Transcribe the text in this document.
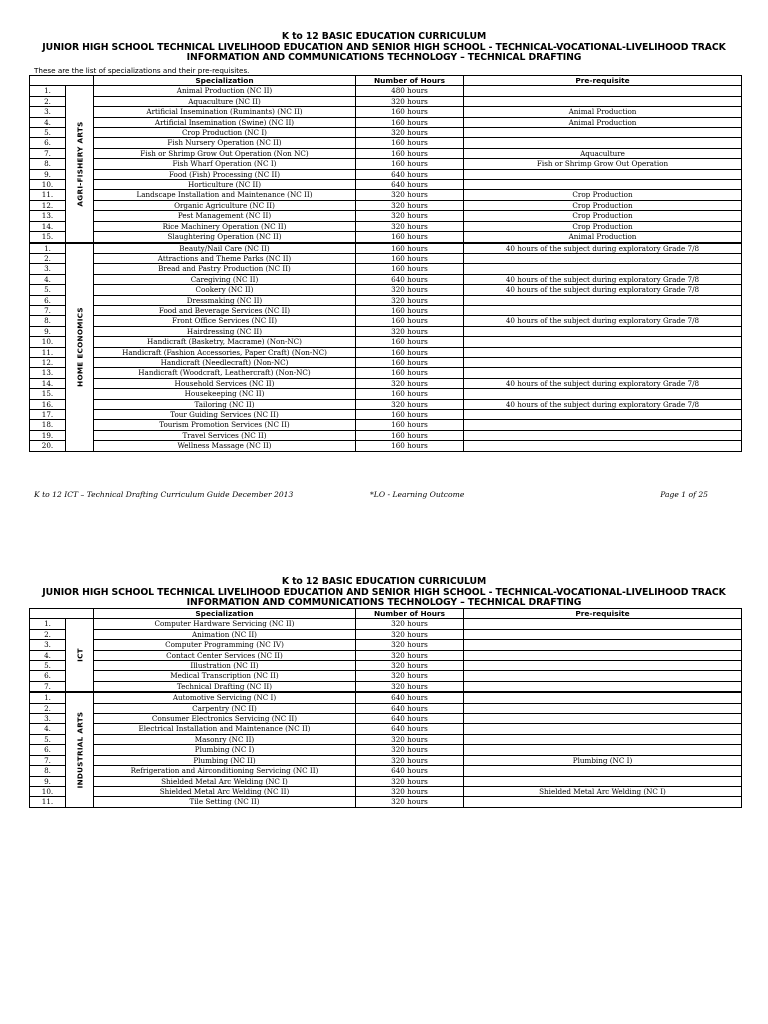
K to 12 BASIC EDUCATION CURRICULUM
JUNIOR HIGH SCHOOL TECHNICAL LIVELIHOOD EDUCATION AND SENIOR HIGH SCHOOL - TECHNICAL-VOCATIONAL-LIVELIHOOD TRACK
INFORMATION AND COMMUNICATIONS TECHNOLOGY – TECHNICAL DRAFTING
These are the list of specializations and their pre-requisites.
		Specialization	Number of Hours	Pre-requisite
1.	AGRI-FISHERY ARTS	Animal Production (NC II)	480 hours	
2.		Aquaculture (NC II)	320 hours	
3.		Artificial Insemination (Ruminants) (NC II)	160 hours	Animal Production
4.		Artificial Insemination (Swine) (NC II)	160 hours	Animal Production
5.		Crop Production (NC I)	320 hours	
6.		Fish Nursery Operation (NC II)	160 hours	
7.		Fish or Shrimp Grow Out Operation (Non NC)	160 hours	Aquaculture
8.		Fish Wharf Operation (NC I)	160 hours	Fish or Shrimp Grow Out Operation
9.		Food (Fish) Processing (NC II)	640 hours	
10.		Horticulture (NC II)	640 hours	
11.		Landscape Installation and Maintenance (NC II)	320 hours	Crop Production
12.		Organic Agriculture (NC II)	320 hours	Crop Production
13.		Pest Management (NC II)	320 hours	Crop Production
14.		Rice Machinery Operation (NC II)	320 hours	Crop Production
15.		Slaughtering Operation (NC II)	160 hours	Animal Production
1.	HOME ECONOMICS	Beauty/Nail Care (NC II)	160 hours	40 hours of the subject during exploratory Grade 7/8
2.		Attractions and Theme Parks (NC II)	160 hours	
3.		Bread and Pastry Production (NC II)	160 hours	
4.		Caregiving (NC II)	640 hours	40 hours of the subject during exploratory Grade 7/8
5.		Cookery (NC II)	320 hours	40 hours of the subject during exploratory Grade 7/8
6.		Dressmaking (NC II)	320 hours	
7.		Food and Beverage Services (NC II)	160 hours	
8.		Front Office Services (NC II)	160 hours	40 hours of the subject during exploratory Grade 7/8
9.		Hairdressing (NC II)	320 hours	
10.		Handicraft (Basketry, Macrame) (Non-NC)	160 hours	
11.		Handicraft (Fashion Accessories, Paper Craft) (Non-NC)	160 hours	
12.		Handicraft (Needlecraft) (Non-NC)	160 hours	
13.		Handicraft (Woodcraft, Leathercraft) (Non-NC)	160 hours	
14.		Household Services (NC II)	320 hours	40 hours of the subject during exploratory Grade 7/8
15.		Housekeeping (NC II)	160 hours	
16.		Tailoring (NC II)	320 hours	40 hours of the subject during exploratory Grade 7/8
17.		Tour Guiding Services (NC II)	160 hours	
18.		Tourism Promotion Services (NC II)	160 hours	
19.		Travel Services (NC II)	160 hours	
20.		Wellness Massage (NC II)	160 hours	
K to 12 ICT – Technical Drafting Curriculum Guide December 2013	*LO - Learning Outcome	Page 1 of 25
K to 12 BASIC EDUCATION CURRICULUM
JUNIOR HIGH SCHOOL TECHNICAL LIVELIHOOD EDUCATION AND SENIOR HIGH SCHOOL - TECHNICAL-VOCATIONAL-LIVELIHOOD TRACK
INFORMATION AND COMMUNICATIONS TECHNOLOGY – TECHNICAL DRAFTING
		Specialization	Number of Hours	Pre-requisite
1.	ICT	Computer Hardware Servicing (NC II)	320 hours	
2.		Animation (NC II)	320 hours	
3.		Computer Programming (NC IV)	320 hours	
4.		Contact Center Services (NC II)	320 hours	
5.		Illustration (NC II)	320 hours	
6.		Medical Transcription (NC II)	320 hours	
7.		Technical Drafting (NC II)	320 hours	
1.	INDUSTRIAL ARTS	Automotive Servicing (NC I)	640 hours	
2.		Carpentry (NC II)	640 hours	
3.		Consumer Electronics Servicing (NC II)	640 hours	
4.		Electrical Installation and Maintenance (NC II)	640 hours	
5.		Masonry (NC II)	320 hours	
6.		Plumbing (NC I)	320 hours	
7.		Plumbing (NC II)	320 hours	Plumbing (NC I)
8.		Refrigeration and Airconditioning Servicing (NC II)	640 hours	
9.		Shielded Metal Arc Welding (NC I)	320 hours	
10.		Shielded Metal Arc Welding (NC II)	320 hours	Shielded Metal Arc Welding (NC I)
11.		Tile Setting (NC II)	320 hours	
